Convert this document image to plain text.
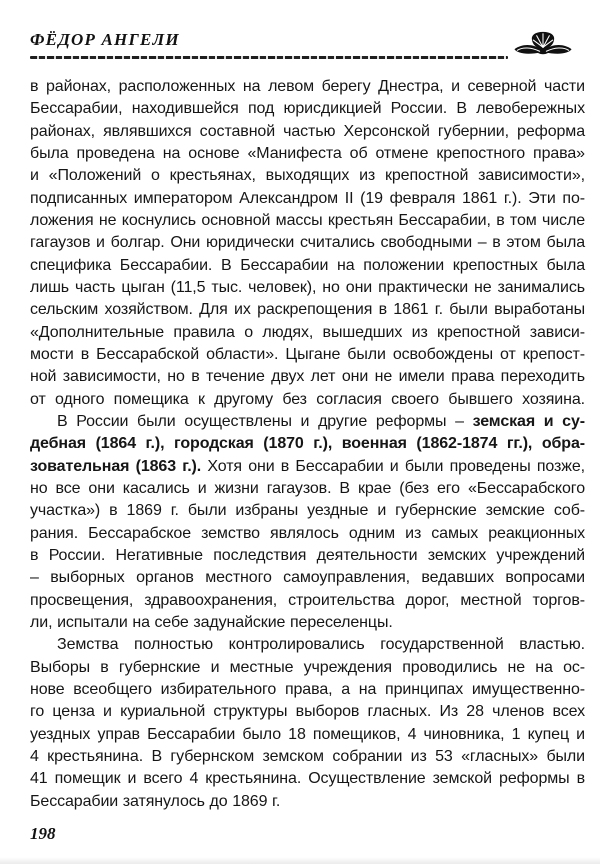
ФЁДОР АНГЕЛИ
в районах, расположенных на левом берегу Днестра, и северной части
Бессарабии, находившейся под юрисдикцией России. В левобережных
районах, являвшихся составной частью Херсонской губернии, реформа
была проведена на основе «Манифеста об отмене крепостного права»
и «Положений о крестьянах, выходящих из крепостной зависимости»,
подписанных императором Александром II (19 февраля 1861 г.). Эти по-
ложения не коснулись основной массы крестьян Бессарабии, в том числе
гагаузов и болгар. Они юридически считались свободными – в этом была
специфика Бессарабии. В Бессарабии на положении крепостных была
лишь часть цыган (11,5 тыс. человек), но они практически не занимались
сельским хозяйством. Для их раскрепощения в 1861 г. были выработаны
«Дополнительные правила о людях, вышедших из крепостной зависи-
мости в Бессарабской области». Цыгане были освобождены от крепост-
ной зависимости, но в течение двух лет они не имели права переходить
от одного помещика к другому без согласия своего бывшего хозяина.
В России были осуществлены и другие реформы – земская и су-
дебная (1864 г.), городская (1870 г.), военная (1862-1874 гг.), обра-
зовательная (1863 г.). Хотя они в Бессарабии и были проведены позже,
но все они касались и жизни гагаузов. В крае (без его «Бессарабского
участка») в 1869 г. были избраны уездные и губернские земские соб-
рания. Бессарабское земство являлось одним из самых реакционных
в России. Негативные последствия деятельности земских учреждений
– выборных органов местного самоуправления, ведавших вопросами
просвещения, здравоохранения, строительства дорог, местной торгов-
ли, испытали на себе задунайские переселенцы.
Земства полностью контролировались государственной властью.
Выборы в губернские и местные учреждения проводились не на ос-
нове всеобщего избирательного права, а на принципах имущественно-
го ценза и куриальной структуры выборов гласных. Из 28 членов всех
уездных управ Бессарабии было 18 помещиков, 4 чиновника, 1 купец и
4 крестьянина. В губернском земском собрании из 53 «гласных» были
41 помещик и всего 4 крестьянина. Осуществление земской реформы в
Бессарабии затянулось до 1869 г.
198
